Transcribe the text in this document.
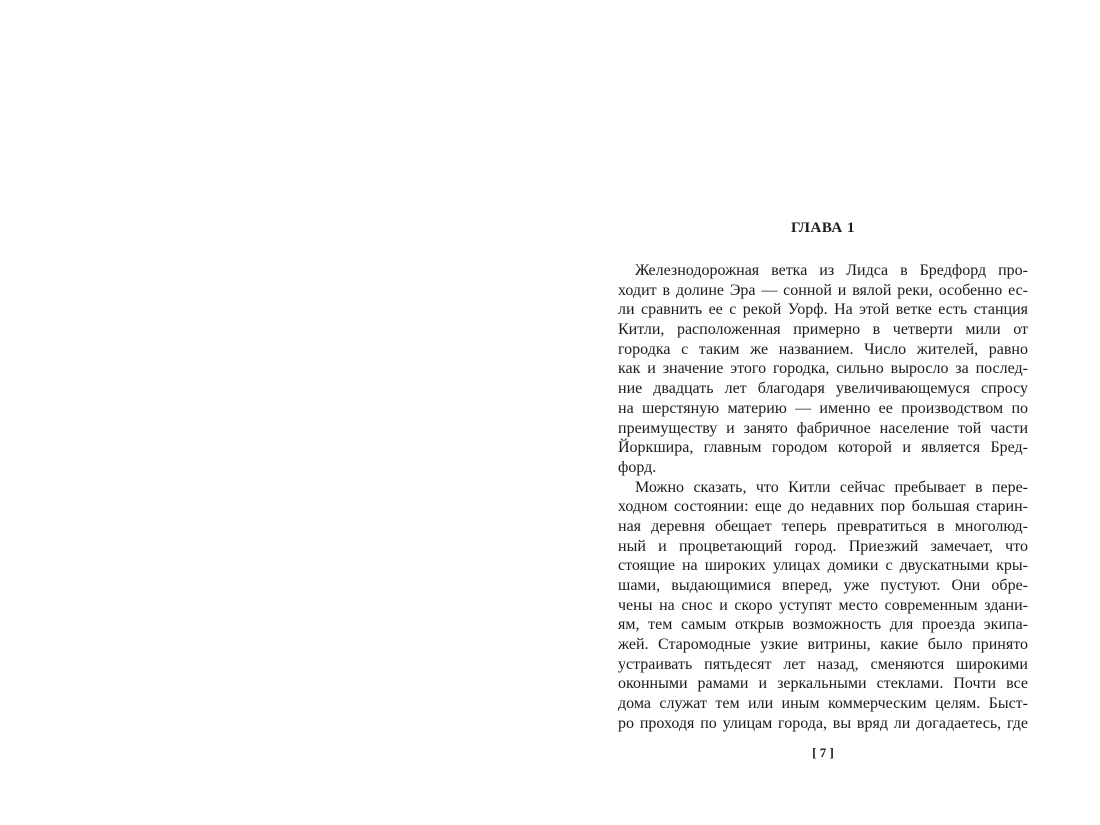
ГЛАВА 1
Железнодорожная ветка из Лидса в Бредфорд про-
ходит в долине Эра — сонной и вялой реки, особенно ес-
ли сравнить ее с рекой Уорф. На этой ветке есть станция
Китли, расположенная примерно в четверти мили от
городка с таким же названием. Число жителей, равно
как и значение этого городка, сильно выросло за послед-
ние двадцать лет благодаря увеличивающемуся спросу
на шерстяную материю — именно ее производством по
преимуществу и занято фабричное население той части
Йоркшира, главным городом которой и является Бред-
форд.
Можно сказать, что Китли сейчас пребывает в пере-
ходном состоянии: еще до недавних пор большая старин-
ная деревня обещает теперь превратиться в многолюд-
ный и процветающий город. Приезжий замечает, что
стоящие на широких улицах домики с двускатными кры-
шами, выдающимися вперед, уже пустуют. Они обре-
чены на снос и скоро уступят место современным здани-
ям, тем самым открыв возможность для проезда экипа-
жей. Старомодные узкие витрины, какие было принято
устраивать пятьдесят лет назад, сменяются широкими
оконными рамами и зеркальными стеклами. Почти все
дома служат тем или иным коммерческим целям. Быст-
ро проходя по улицам города, вы вряд ли догадаетесь, где
[ 7 ]
